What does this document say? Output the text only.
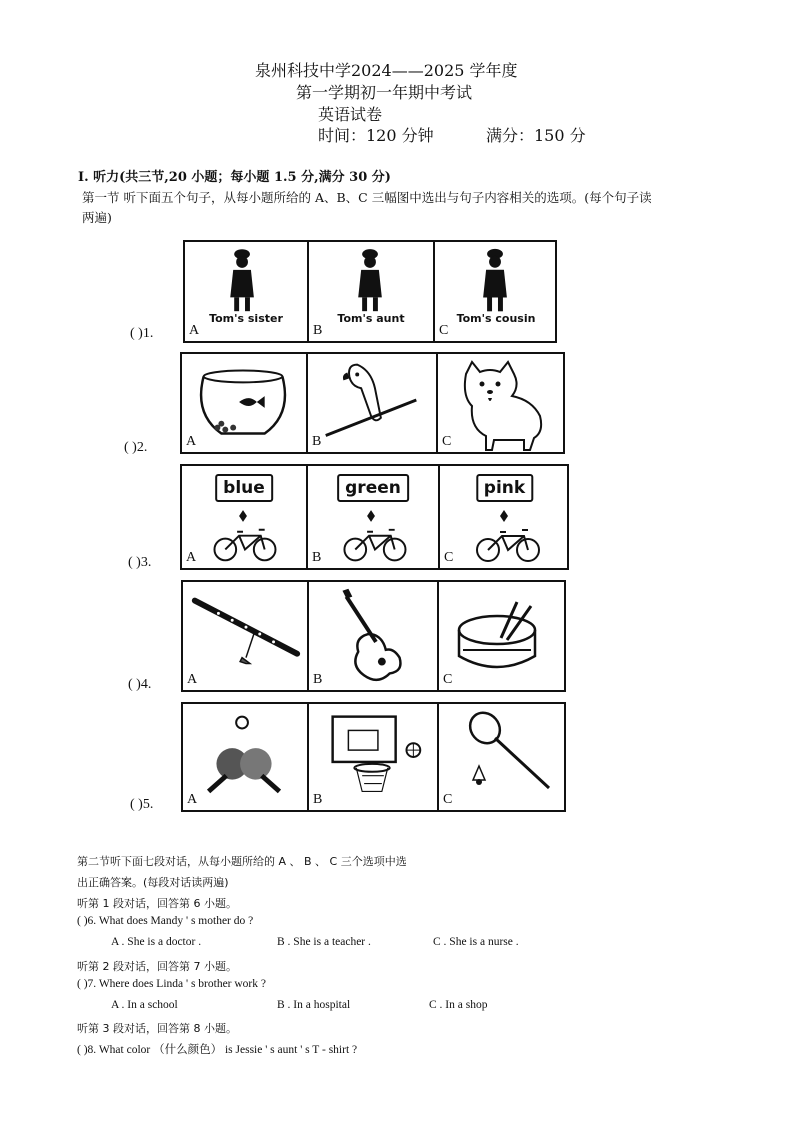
泉州科技中学2024——2025 学年度
第一学期初一年期中考试
英语试卷
时间：120 分钟	满分：150 分
I. 听力(共三节,20 小题；每小题 1.5 分,满分 30 分)
第一节 听下面五个句子，从每小题所给的 A、B、C 三幅图中选出与句子内容相关的选项。(每个句子读
两遍)
( )1.
Tom's sister
A
Tom's aunt
B
Tom's cousin
C
( )2.	A	B	C
( )3.
blue
A
green
B
pink
C
( )4.	A	B	C
( )5. A	B	C
第二节听下面七段对话，从每小题所给的 A 、 B 、 C 三个选项中选
出正确答案。(每段对话读两遍)
听第 1 段对话，回答第 6 小题。
( )6. What does Mandy ' s mother do ?
A . She is a doctor .	B . She is a teacher .	C . She is a nurse .
听第 2 段对话，回答第 7 小题。
( )7. Where does Linda ' s brother work ?
A . In a school	B . In a hospital	C . In a shop
听第 3 段对话，回答第 8 小题。
( )8. What color （什么颜色） is Jessie ' s aunt ' s T - shirt ?
